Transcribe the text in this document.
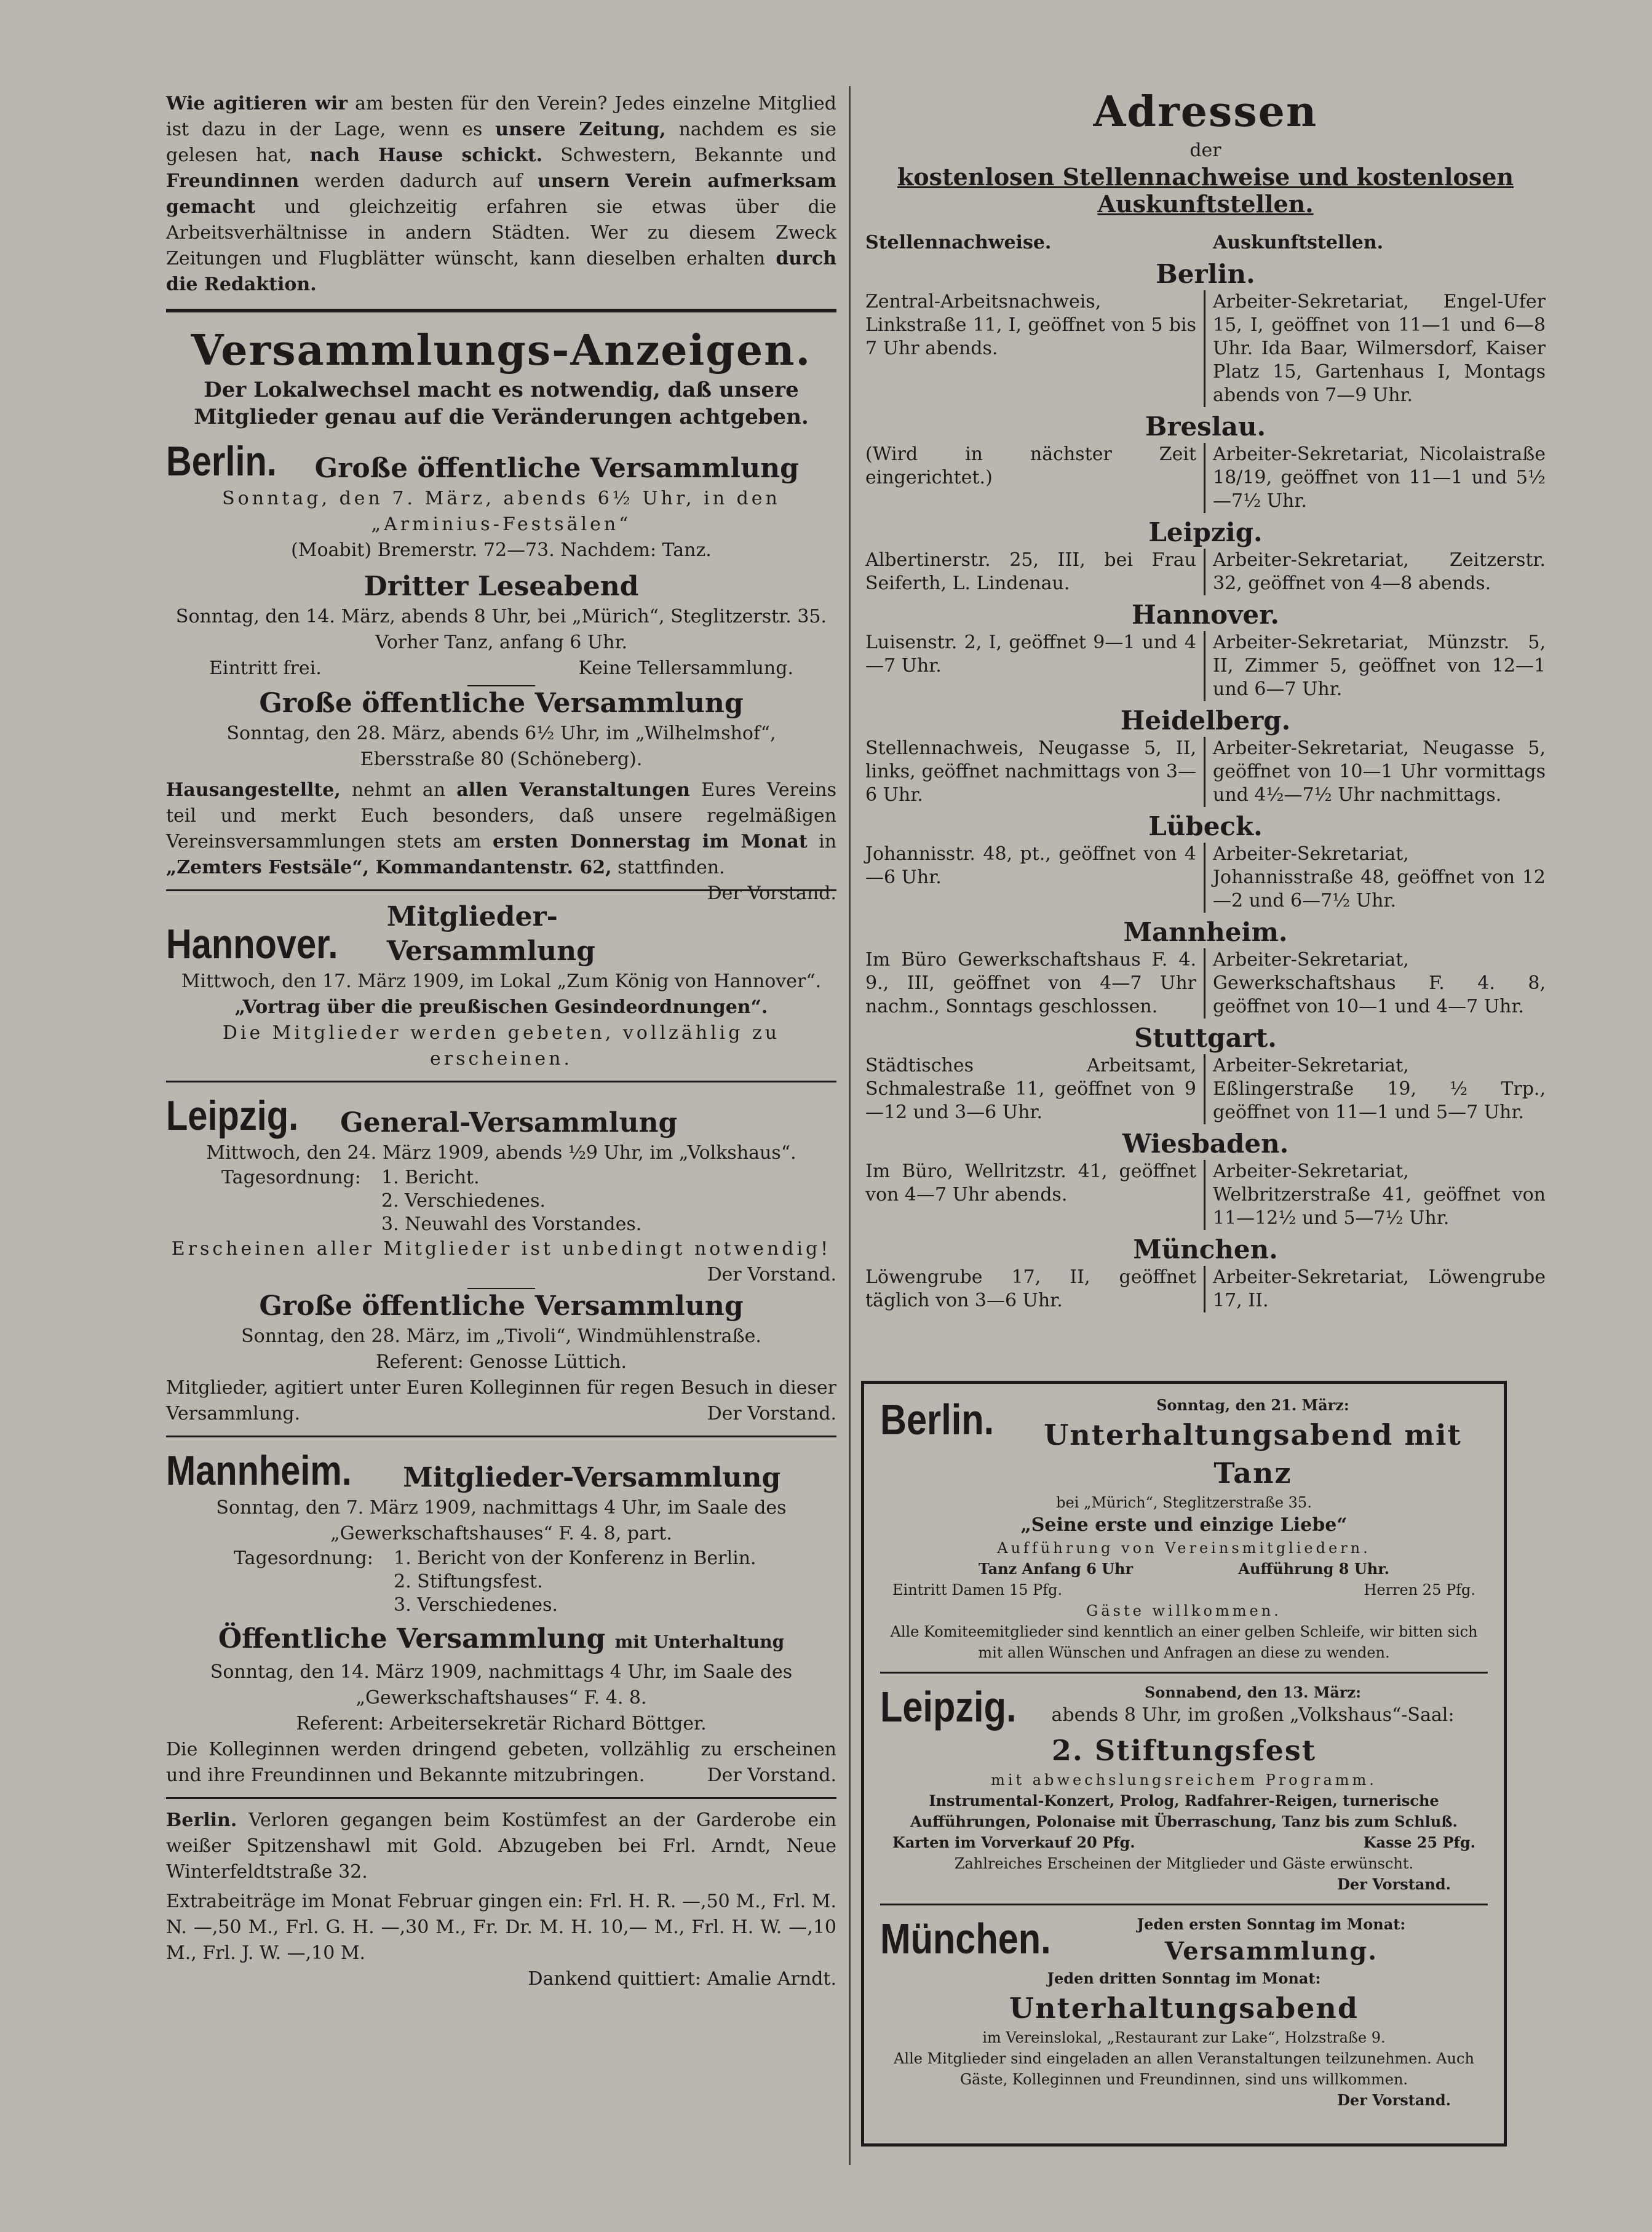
Wie agitieren wir am besten für den Verein? Jedes einzelne Mitglied ist dazu in der Lage, wenn es unsere Zeitung, nachdem es sie gelesen hat, nach Hause schickt. Schwestern, Bekannte und Freundinnen werden dadurch auf unsern Verein aufmerksam gemacht und gleichzeitig erfahren sie etwas über die Arbeitsverhältnisse in andern Städten. Wer zu diesem Zweck Zeitungen und Flugblätter wünscht, kann dieselben erhalten durch die Redaktion.

Versammlungs-Anzeigen.

Der Lokalwechsel macht es notwendig, daß unsere Mitglieder genau auf die Veränderungen achtgeben.

Berlin. Große öffentliche Versammlung

Sonntag, den 7. März, abends 6½ Uhr, in den „Arminius-Festsälen“

(Moabit) Bremerstr. 72—73. Nachdem: Tanz.

Dritter Leseabend

Sonntag, den 14. März, abends 8 Uhr, bei „Mürich“, Steglitzerstr. 35.

Vorher Tanz, anfang 6 Uhr.

Eintritt frei.	Keine Tellersammlung.

Große öffentliche Versammlung

Sonntag, den 28. März, abends 6½ Uhr, im „Wilhelmshof“,

Ebersstraße 80 (Schöneberg).

Hausangestellte, nehmt an allen Veranstaltungen Eures Vereins teil und merkt Euch besonders, daß unsere regelmäßigen Vereinsversammlungen stets am ersten Donnerstag im Monat in „Zemters Festsäle“, Kommandantenstr. 62, stattfinden.
Der Vorstand.

Hannover.
Mitglieder-Versammlung

Mittwoch, den 17. März 1909, im Lokal „Zum König von Hannover“.

„Vortrag über die preußischen Gesindeordnungen“.

Die Mitglieder werden gebeten, vollzählig zu erscheinen.

Leipzig. General-Versammlung

Mittwoch, den 24. März 1909, abends ½9 Uhr, im „Volkshaus“.

Tagesordnung:	1. Bericht.
2. Verschiedenes.
3. Neuwahl des Vorstandes.

Erscheinen aller Mitglieder ist unbedingt notwendig!

Der Vorstand.

Große öffentliche Versammlung

Sonntag, den 28. März, im „Tivoli“, Windmühlenstraße.

Referent: Genosse Lüttich.

Mitglieder, agitiert unter Euren Kolleginnen für regen Besuch in dieser Versammlung.	Der Vorstand.

Mannheim. Mitglieder-Versammlung

Sonntag, den 7. März 1909, nachmittags 4 Uhr, im Saale des

„Gewerkschaftshauses“ F. 4. 8, part.

Tagesordnung:	1. Bericht von der Konferenz in Berlin.
2. Stiftungsfest.
3. Verschiedenes.

Öffentliche Versammlung mit Unterhaltung

Sonntag, den 14. März 1909, nachmittags 4 Uhr, im Saale des

„Gewerkschaftshauses“ F. 4. 8.

Referent: Arbeitersekretär Richard Böttger.

Die Kolleginnen werden dringend gebeten, vollzählig zu erscheinen und ihre Freundinnen und Bekannte mitzubringen.	Der Vorstand.

Berlin. Verloren gegangen beim Kostümfest an der Garderobe ein weißer Spitzenshawl mit Gold. Abzugeben bei Frl. Arndt, Neue Winterfeldtstraße 32.

Extrabeiträge im Monat Februar gingen ein: Frl. H. R. —,50 M., Frl. M. N. —,50 M., Frl. G. H. —,30 M., Fr. Dr. M. H. 10,— M., Frl. H. W. —,10 M., Frl. J. W. —,10 M.

Dankend quittiert: Amalie Arndt.

Adressen

der

kostenlosen Stellennachweise und kostenlosen Auskunftstellen.

Stellennachweise.	Auskunftstellen.
Berlin.
Zentral-Arbeitsnachweis, Linkstraße 11, I, geöffnet von 5 bis 7 Uhr abends.
Arbeiter-Sekretariat, Engel-Ufer 15, I, geöffnet von 11—1 und 6—8 Uhr. Ida Baar, Wilmersdorf, Kaiser Platz 15, Gartenhaus I, Montags abends von 7—9 Uhr.
Breslau.
(Wird in nächster Zeit eingerichtet.)
Arbeiter-Sekretariat, Nicolaistraße 18/19, geöffnet von 11—1 und 5½—7½ Uhr.
Leipzig.
Albertinerstr. 25, III, bei Frau Seiferth, L. Lindenau.
Arbeiter-Sekretariat, Zeitzerstr. 32, geöffnet von 4—8 abends.
Hannover.
Luisenstr. 2, I, geöffnet 9—1 und 4—7 Uhr.
Arbeiter-Sekretariat, Münzstr. 5, II, Zimmer 5, geöffnet von 12—1 und 6—7 Uhr.
Heidelberg.
Stellennachweis, Neugasse 5, II, links, geöffnet nachmittags von 3—6 Uhr.
Arbeiter-Sekretariat, Neugasse 5, geöffnet von 10—1 Uhr vormittags und 4½—7½ Uhr nachmittags.
Lübeck.
Johannisstr. 48, pt., geöffnet von 4—6 Uhr.
Arbeiter-Sekretariat, Johannisstraße 48, geöffnet von 12—2 und 6—7½ Uhr.
Mannheim.
Im Büro Gewerkschaftshaus F. 4. 9., III, geöffnet von 4—7 Uhr nachm., Sonntags geschlossen.
Arbeiter-Sekretariat, Gewerkschaftshaus F. 4. 8, geöffnet von 10—1 und 4—7 Uhr.
Stuttgart.
Städtisches Arbeitsamt, Schmalestraße 11, geöffnet von 9—12 und 3—6 Uhr.
Arbeiter-Sekretariat, Eßlingerstraße 19, ½ Trp., geöffnet von 11—1 und 5—7 Uhr.
Wiesbaden.
Im Büro, Wellritzstr. 41, geöffnet von 4—7 Uhr abends.
Arbeiter-Sekretariat, Welbritzerstraße 41, geöffnet von 11—12½ und 5—7½ Uhr.
München.
Löwengrube 17, II, geöffnet täglich von 3—6 Uhr.
Arbeiter-Sekretariat, Löwengrube 17, II.
Berlin.	Sonntag, den 21. März:

Unterhaltungsabend mit Tanz

bei „Mürich“, Steglitzerstraße 35.

„Seine erste und einzige Liebe“

Aufführung von Vereinsmitgliedern.

Tanz Anfang 6 Uhr	Aufführung 8 Uhr.
Eintritt Damen 15 Pfg.	Herren 25 Pfg.

Gäste willkommen.

Alle Komiteemitglieder sind kenntlich an einer gelben Schleife, wir bitten sich mit allen Wünschen und Anfragen an diese zu wenden.

Leipzig.	Sonnabend, den 13. März:

abends 8 Uhr, im großen „Volkshaus“-Saal:

2. Stiftungsfest

mit abwechslungsreichem Programm.

Instrumental-Konzert, Prolog, Radfahrer-Reigen, turnerische Aufführungen, Polonaise mit Überraschung, Tanz bis zum Schluß.

Karten im Vorverkauf 20 Pfg.	Kasse 25 Pfg.

Zahlreiches Erscheinen der Mitglieder und Gäste erwünscht.

Der Vorstand.

München.	Jeden ersten Sonntag im Monat:

Versammlung.

Jeden dritten Sonntag im Monat:

Unterhaltungsabend

im Vereinslokal, „Restaurant zur Lake“, Holzstraße 9.

Alle Mitglieder sind eingeladen an allen Veranstaltungen teilzunehmen. Auch Gäste, Kolleginnen und Freundinnen, sind uns willkommen.

Der Vorstand.
